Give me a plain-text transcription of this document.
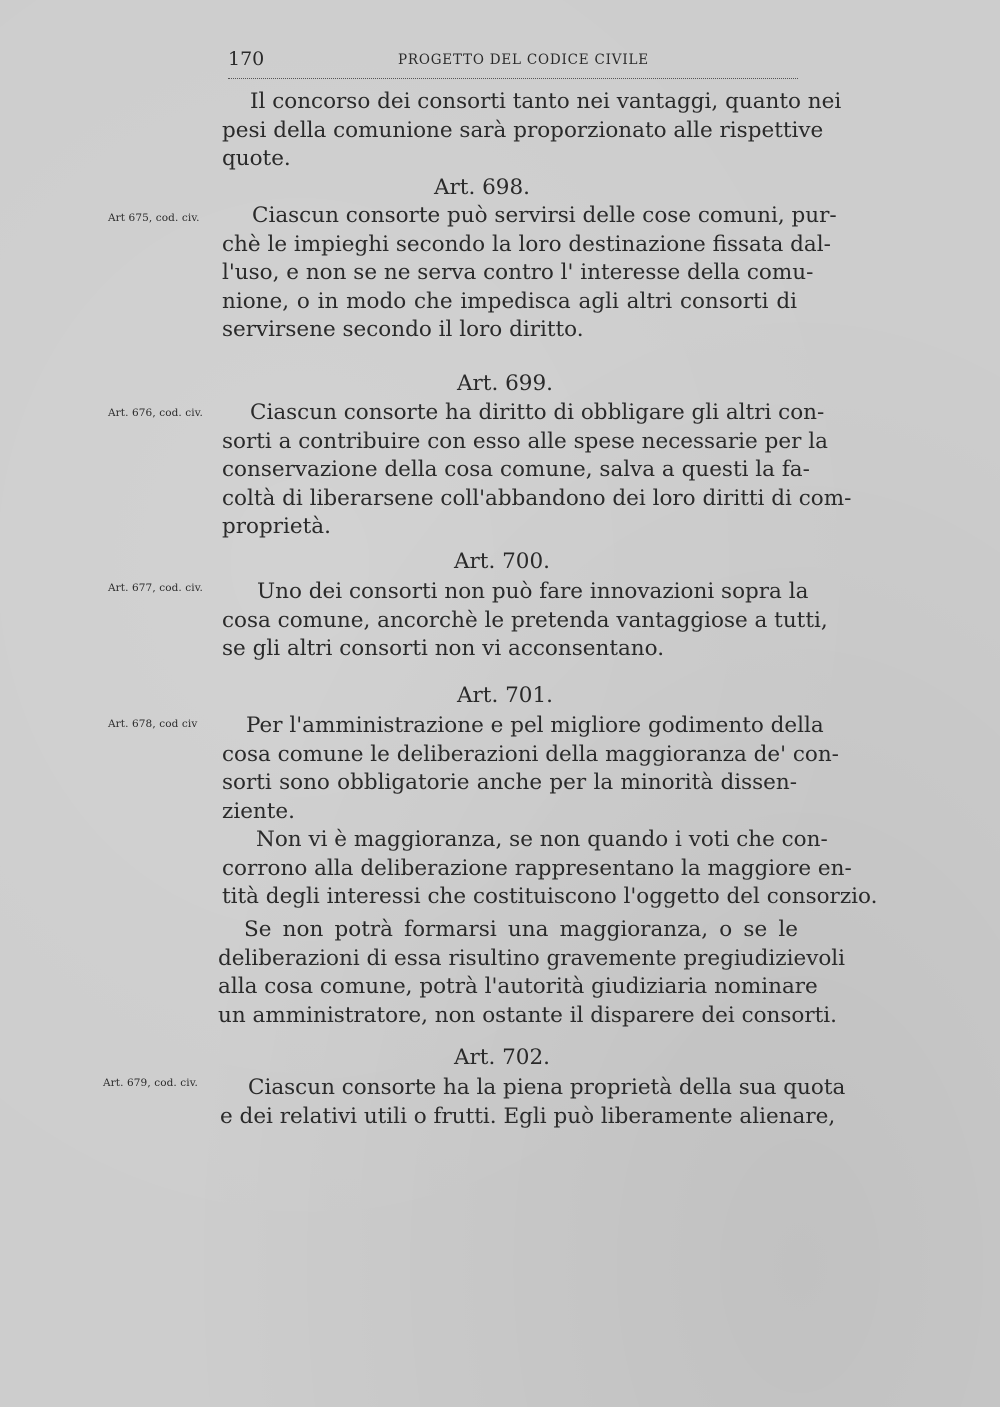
170	PROGETTO DEL CODICE CIVILE
Il concorso dei consorti tanto nei vantaggi, quanto nei
pesi della comunione sarà proporzionato alle rispettive
quote.
Art. 698.
Art 675, cod. civ.	Ciascun consorte può servirsi delle cose comuni, pur-
chè le impieghi secondo la loro destinazione fissata dal-
l'uso, e non se ne serva contro l' interesse della comu-
nione, o in modo che impedisca agli altri consorti di
servirsene secondo il loro diritto.
Art. 699.
Art. 676, cod. civ.	Ciascun consorte ha diritto di obbligare gli altri con-
sorti a contribuire con esso alle spese necessarie per la
conservazione della cosa comune, salva a questi la fa-
coltà di liberarsene coll'abbandono dei loro diritti di com-
proprietà.
Art. 700.
Art. 677, cod. civ.	Uno dei consorti non può fare innovazioni sopra la
cosa comune, ancorchè le pretenda vantaggiose a tutti,
se gli altri consorti non vi acconsentano.
Art. 701.
Art. 678, cod civ	Per l'amministrazione e pel migliore godimento della
cosa comune le deliberazioni della maggioranza de' con-
sorti sono obbligatorie anche per la minorità dissen-
ziente.
Non vi è maggioranza, se non quando i voti che con-
corrono alla deliberazione rappresentano la maggiore en-
tità degli interessi che costituiscono l'oggetto del consorzio.
Se non potrà formarsi una maggioranza, o se le
deliberazioni di essa risultino gravemente pregiudizievoli
alla cosa comune, potrà l'autorità giudiziaria nominare
un amministratore, non ostante il disparere dei consorti.
Art. 702.
Art. 679, cod. civ.	Ciascun consorte ha la piena proprietà della sua quota
e dei relativi utili o frutti. Egli può liberamente alienare,
